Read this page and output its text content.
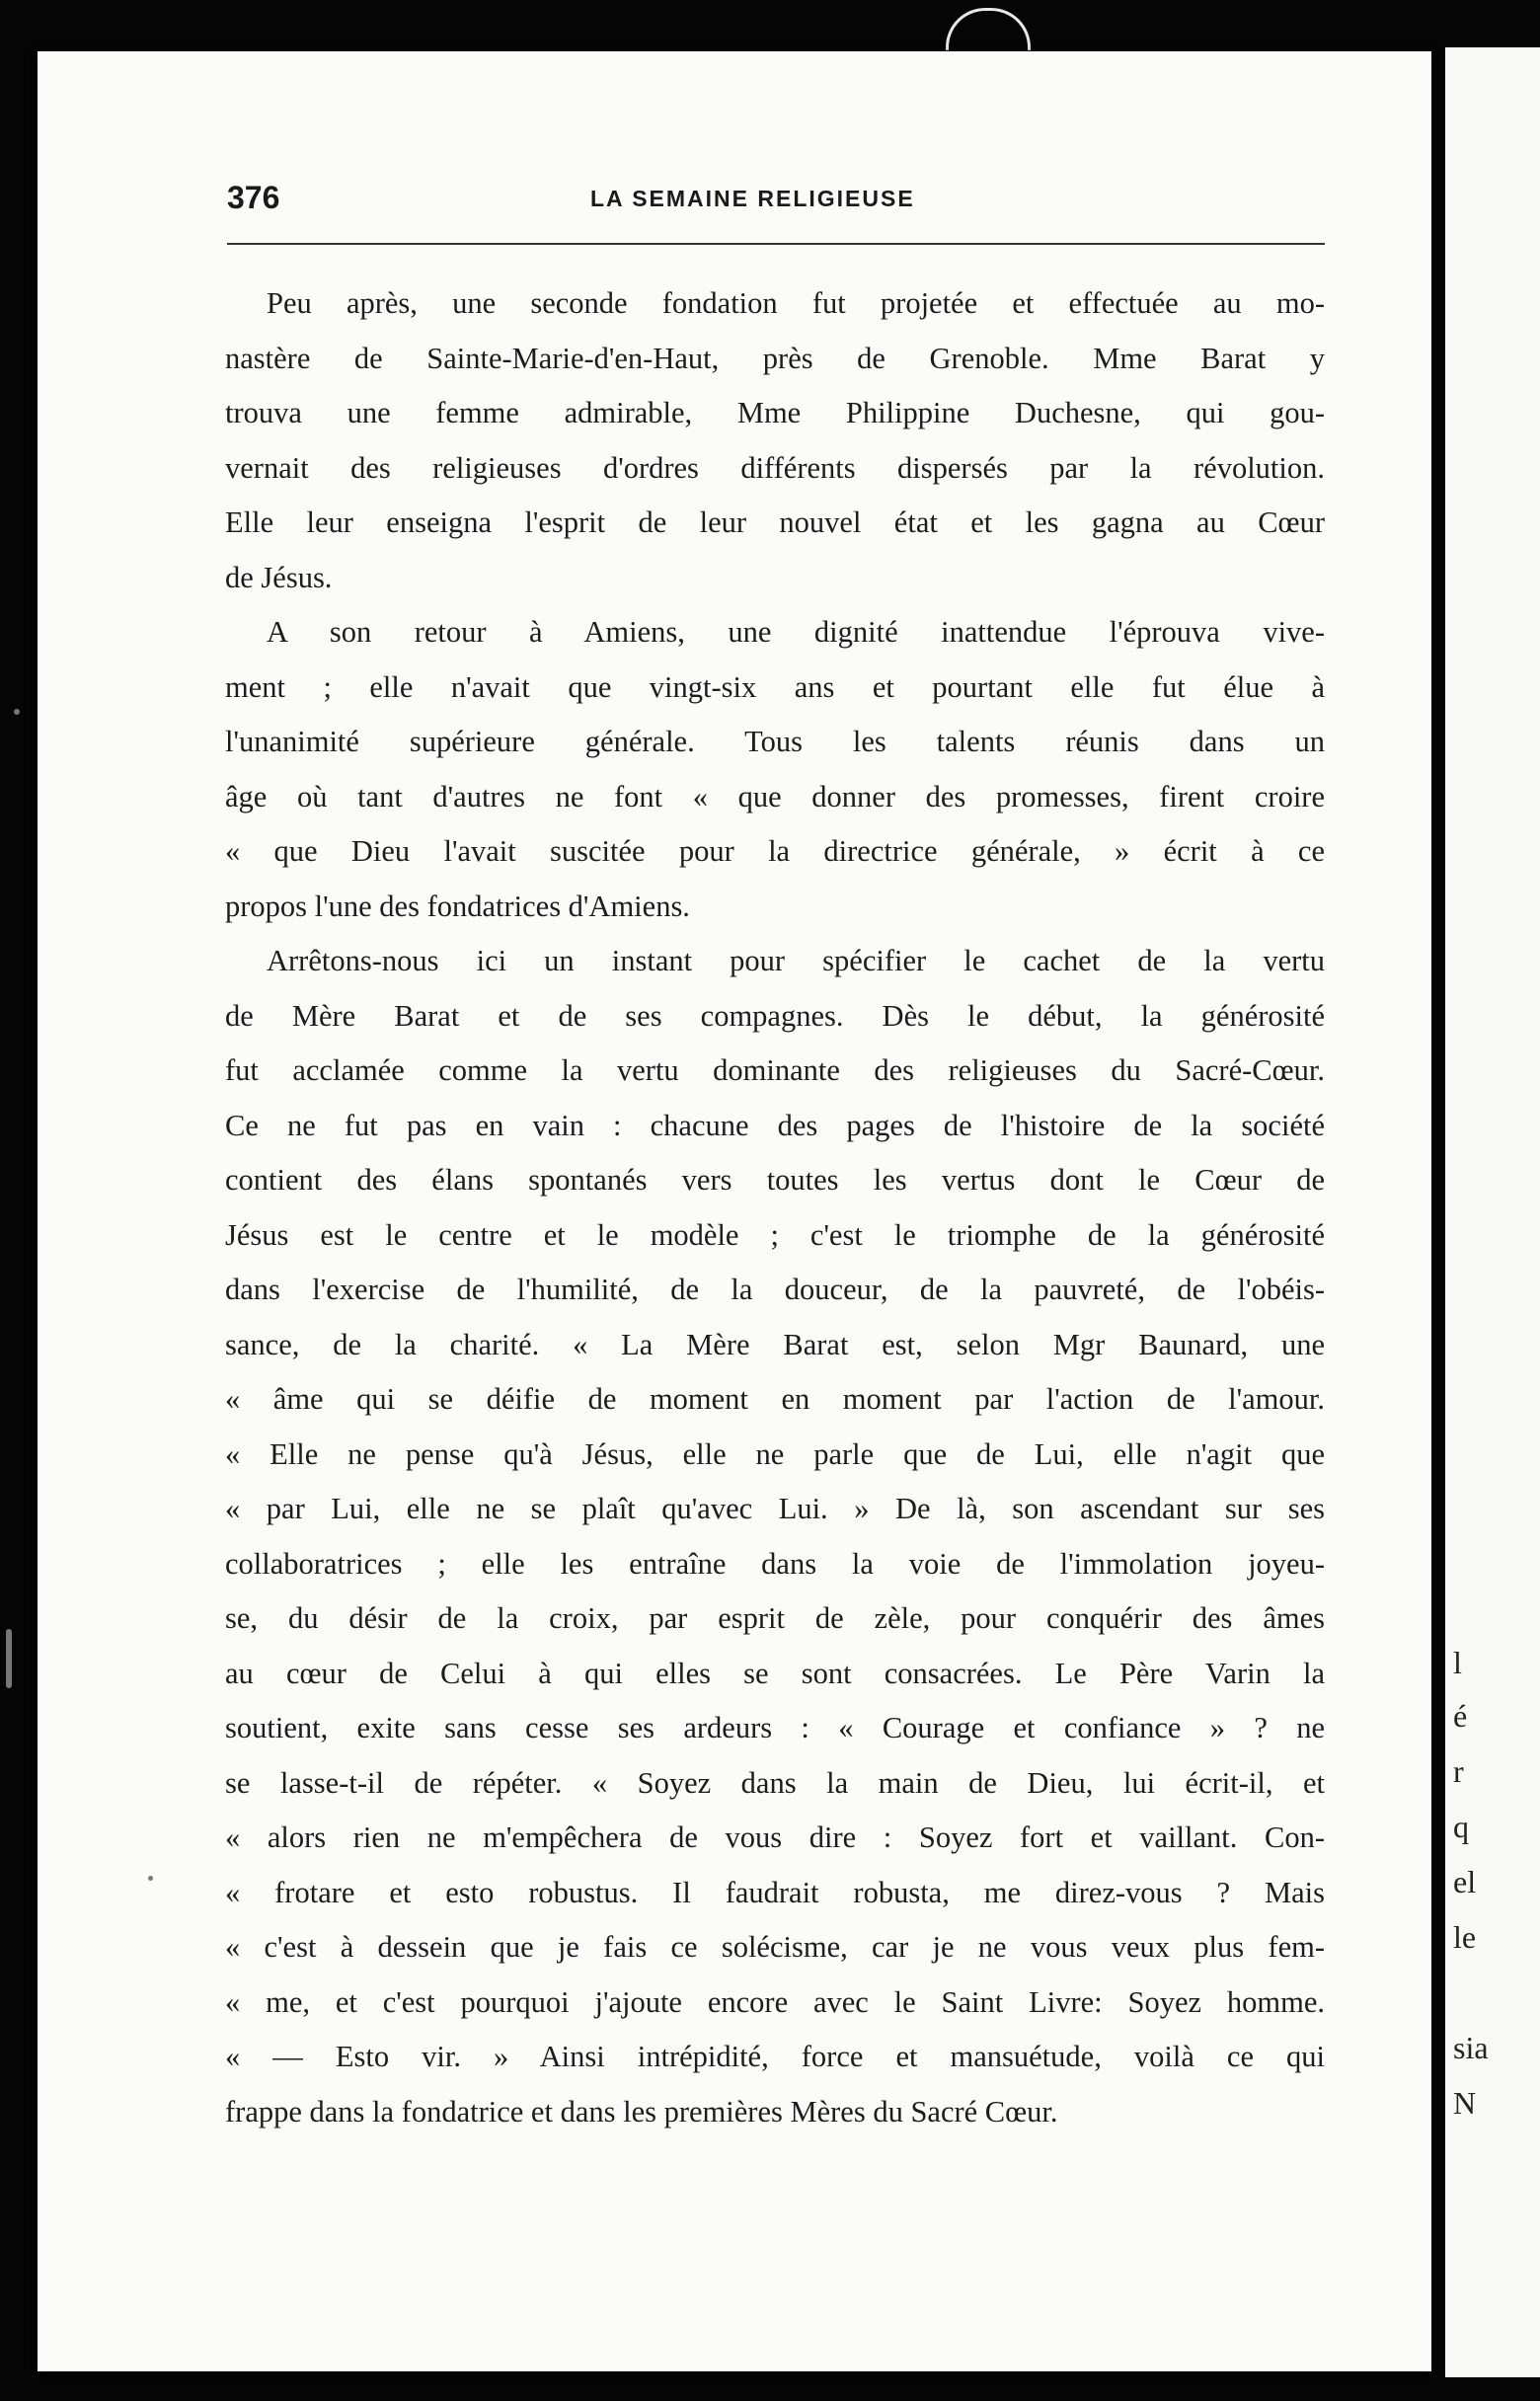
l
é
r
q
el
le
sia
N
376	LA SEMAINE RELIGIEUSE
Peu après, une seconde fondation fut projetée et effectuée au mo-
nastère de Sainte-Marie-d'en-Haut, près de Grenoble. Mme Barat y
trouva une femme admirable, Mme Philippine Duchesne, qui gou-
vernait des religieuses d'ordres différents dispersés par la révolution.
Elle leur enseigna l'esprit de leur nouvel état et les gagna au Cœur
de Jésus.
A son retour à Amiens, une dignité inattendue l'éprouva vive-
ment ; elle n'avait que vingt-six ans et pourtant elle fut élue à
l'unanimité supérieure générale. Tous les talents réunis dans un
âge où tant d'autres ne font « que donner des promesses, firent croire
« que Dieu l'avait suscitée pour la directrice générale, » écrit à ce
propos l'une des fondatrices d'Amiens.
Arrêtons-nous ici un instant pour spécifier le cachet de la vertu
de Mère Barat et de ses compagnes. Dès le début, la générosité
fut acclamée comme la vertu dominante des religieuses du Sacré-Cœur.
Ce ne fut pas en vain : chacune des pages de l'histoire de la société
contient des élans spontanés vers toutes les vertus dont le Cœur de
Jésus est le centre et le modèle ; c'est le triomphe de la générosité
dans l'exercise de l'humilité, de la douceur, de la pauvreté, de l'obéis-
sance, de la charité. « La Mère Barat est, selon Mgr Baunard, une
« âme qui se déifie de moment en moment par l'action de l'amour.
« Elle ne pense qu'à Jésus, elle ne parle que de Lui, elle n'agit que
« par Lui, elle ne se plaît qu'avec Lui. » De là, son ascendant sur ses
collaboratrices ; elle les entraîne dans la voie de l'immolation joyeu-
se, du désir de la croix, par esprit de zèle, pour conquérir des âmes
au cœur de Celui à qui elles se sont consacrées. Le Père Varin la
soutient, exite sans cesse ses ardeurs : « Courage et confiance » ? ne
se lasse-t-il de répéter. « Soyez dans la main de Dieu, lui écrit-il, et
« alors rien ne m'empêchera de vous dire : Soyez fort et vaillant. Con-
« frotare et esto robustus. Il faudrait robusta, me direz-vous ? Mais
« c'est à dessein que je fais ce solécisme, car je ne vous veux plus fem-
« me, et c'est pourquoi j'ajoute encore avec le Saint Livre: Soyez homme.
« — Esto vir. » Ainsi intrépidité, force et mansuétude, voilà ce qui
frappe dans la fondatrice et dans les premières Mères du Sacré Cœur.
